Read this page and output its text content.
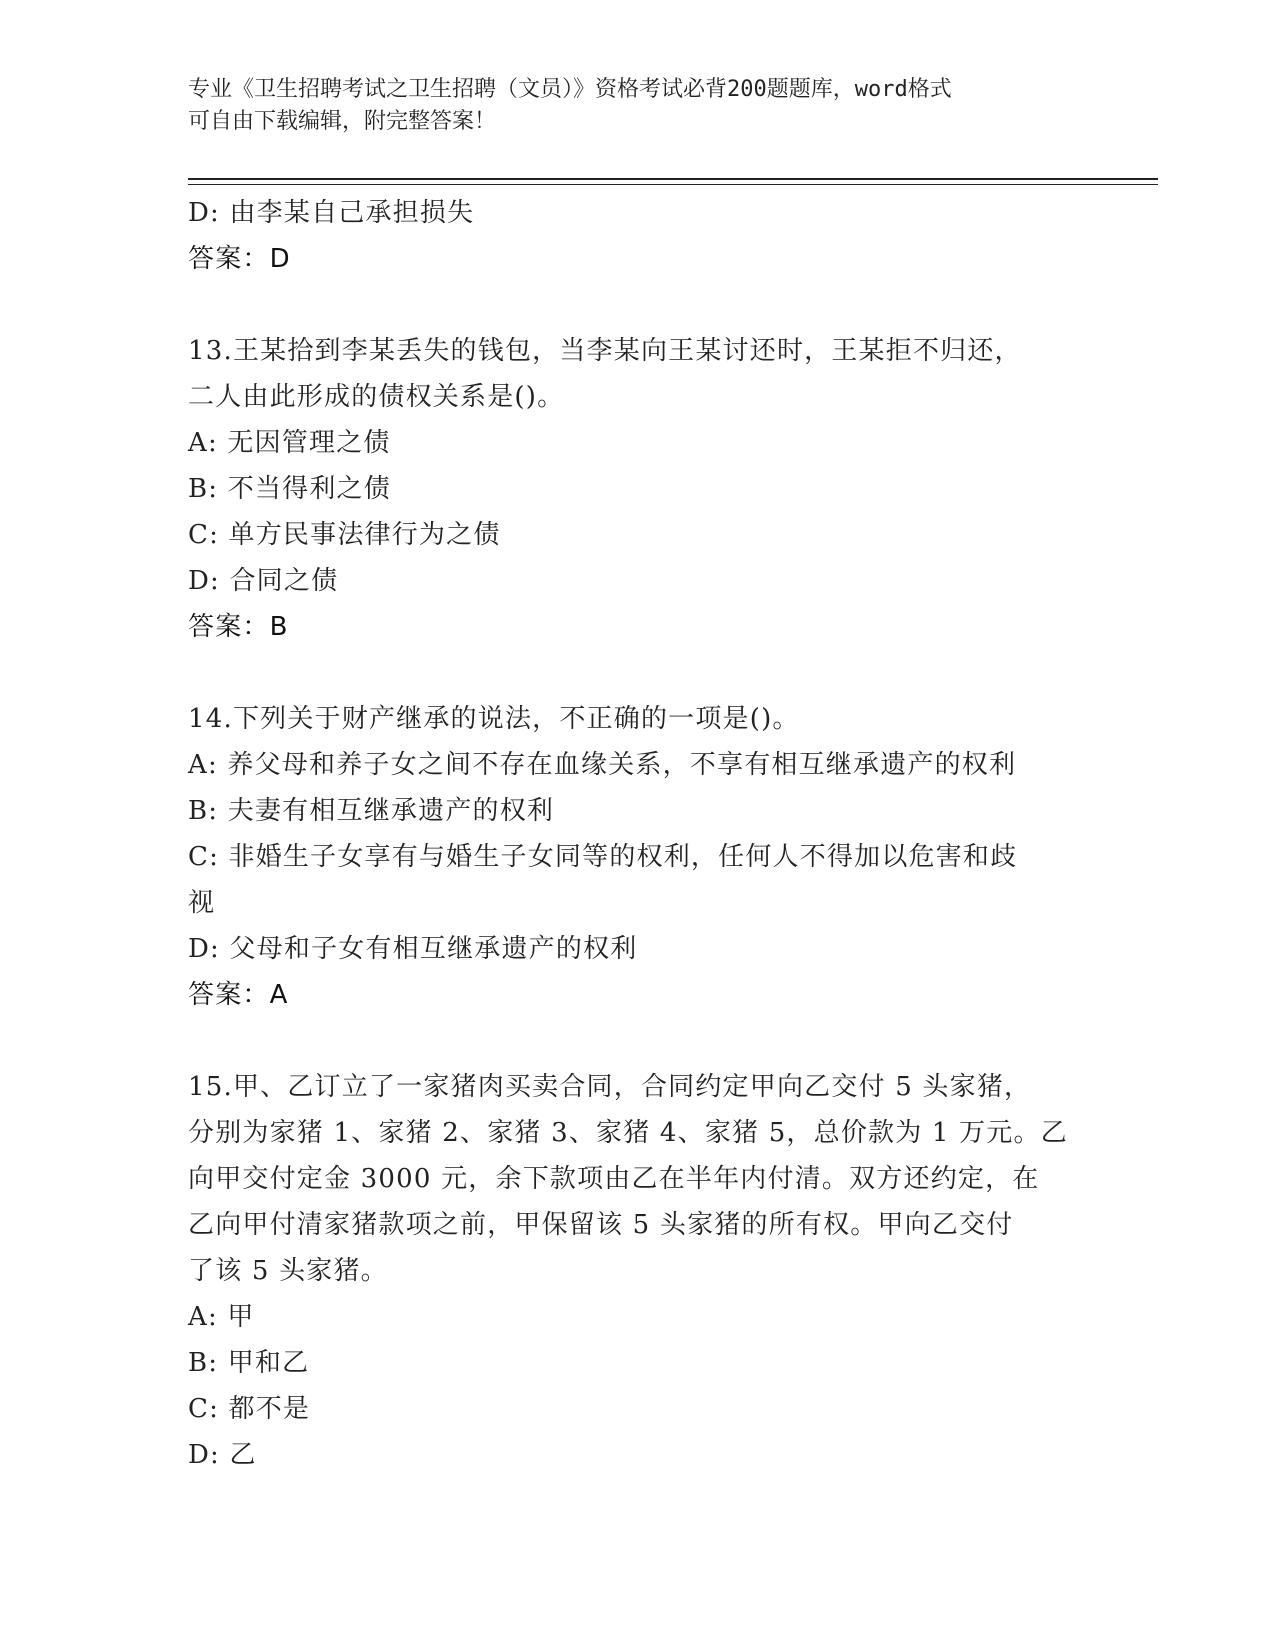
专业《卫生招聘考试之卫生招聘（文员）》资格考试必背200题题库，word格式
可自由下载编辑，附完整答案！
D: 由李某自己承担损失
答案：D
13.王某拾到李某丢失的钱包，当李某向王某讨还时，王某拒不归还，
二人由此形成的债权关系是()。
A: 无因管理之债
B: 不当得利之债
C: 单方民事法律行为之债
D: 合同之债
答案：B
14.下列关于财产继承的说法，不正确的一项是()。
A: 养父母和养子女之间不存在血缘关系，不享有相互继承遗产的权利
B: 夫妻有相互继承遗产的权利
C: 非婚生子女享有与婚生子女同等的权利，任何人不得加以危害和歧
视
D: 父母和子女有相互继承遗产的权利
答案：A
15.甲、乙订立了一家猪肉买卖合同，合同约定甲向乙交付 5 头家猪，
分别为家猪 1、家猪 2、家猪 3、家猪 4、家猪 5，总价款为 1 万元。乙
向甲交付定金 3000 元，余下款项由乙在半年内付清。双方还约定，在
乙向甲付清家猪款项之前，甲保留该 5 头家猪的所有权。甲向乙交付
了该 5 头家猪。
A: 甲
B: 甲和乙
C: 都不是
D: 乙
